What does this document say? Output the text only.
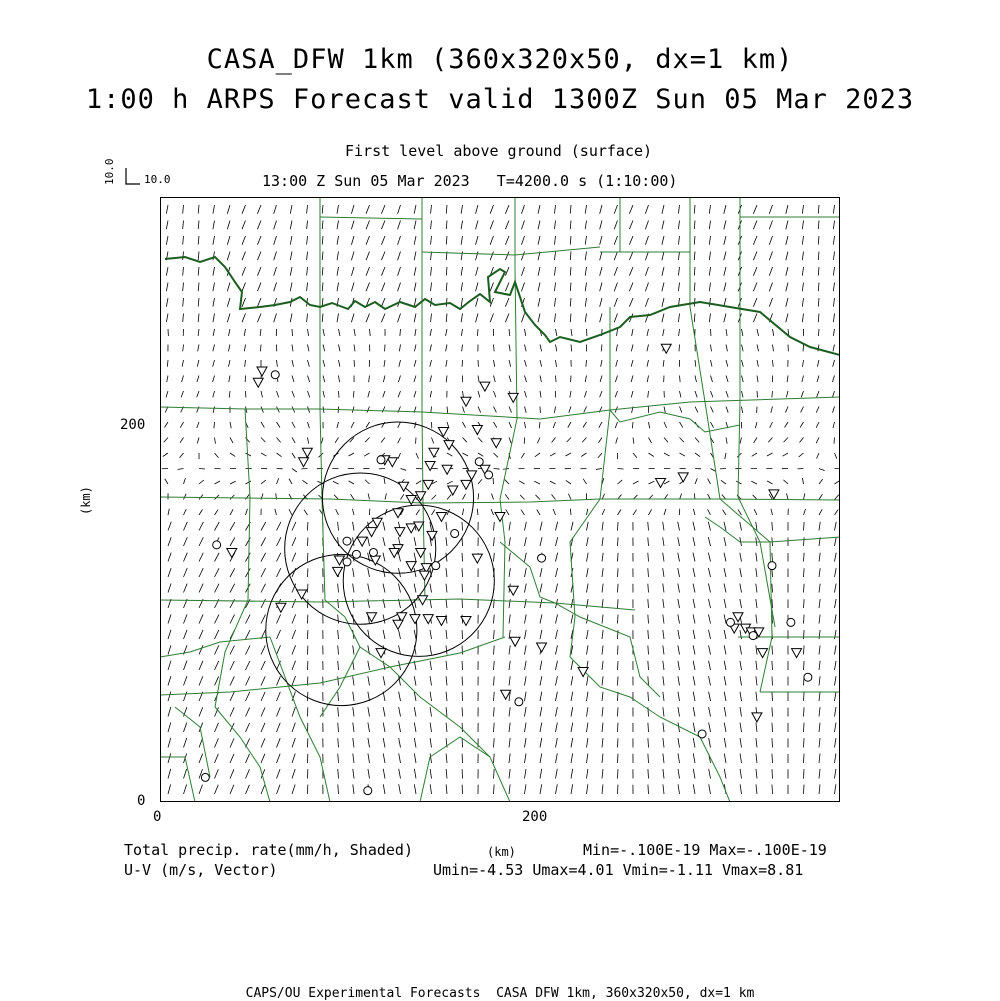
CASA_DFW 1km (360x320x50, dx=1 km)
1:00 h ARPS Forecast valid 1300Z Sun 05 Mar 2023
First level above ground (surface)
13:00 Z Sun 05 Mar 2023   T=4200.0 s (1:10:00)
10.0
10.0
200
0
0	200
(km)
(km)
Total precip. rate(mm/h, Shaded)
U-V (m/s, Vector)
Min=-.100E-19 Max=-.100E-19
Umin=-4.53 Umax=4.01 Vmin=-1.11 Vmax=8.81
CAPS/OU Experimental Forecasts  CASA DFW 1km, 360x320x50, dx=1 km
